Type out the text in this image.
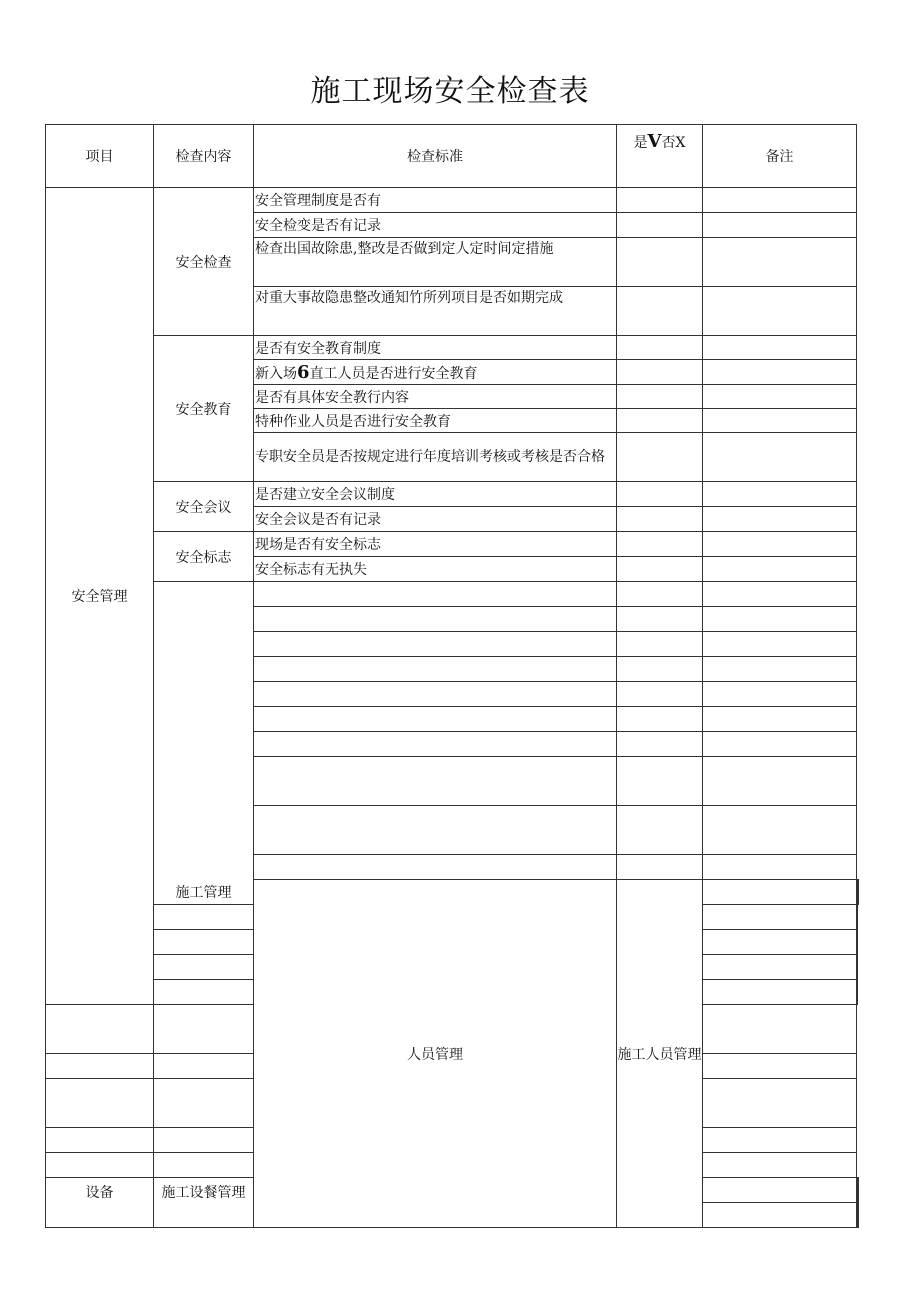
施工现场安全检查表
项目	检查内容	检查标准	是V否X	备注	
安全管理	安全检查	安全管理制度是否有			
		安全检变是否有记录			
		检查出国故除患,整改是否做到定人定时间定措施			
		对重大事故隐患整改通知竹所列项目是否如期完成			
	安全教育	是否有安全教育制度			
		新入场6直工人员是否进行安全教育			
		是否有具体安全教行内容			
		特种作业人员是否进行安全教育			
		专职安全员是否按规定进行年度培训考核或考核是否合格			
	安全会议	是否建立安全会议制度			
		安全会议是否有记录			
	安全标志	现场是否有安全标志			
		安全标志有无执失			
	施工管理				

		人员管理	施工人员管理			

设备	施工设餐管理				
